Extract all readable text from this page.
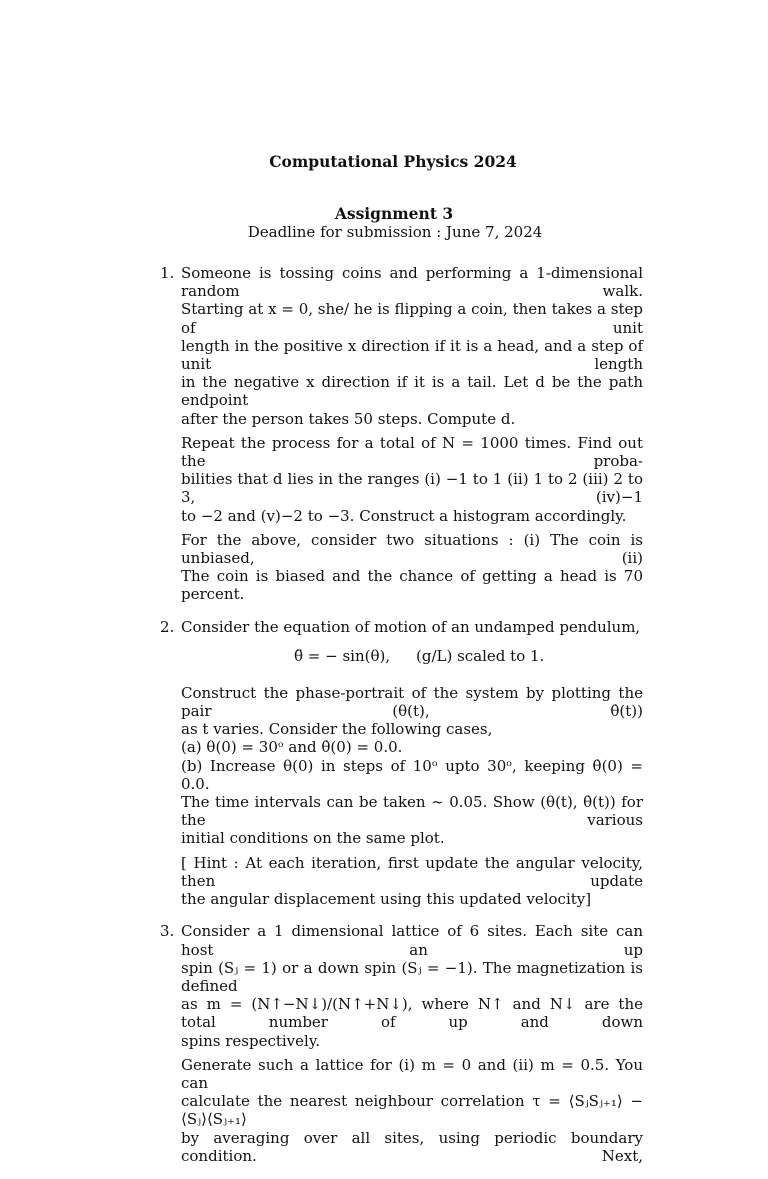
Computational Physics 2024
Assignment 3
Deadline for submission : June 7, 2024
1. Someone is tossing coins and performing a 1-dimensional random walk.
Starting at x = 0, she/ he is flipping a coin, then takes a step of unit
length in the positive x direction if it is a head, and a step of unit length
in the negative x direction if it is a tail. Let d be the path endpoint
after the person takes 50 steps. Compute d.
Repeat the process for a total of N = 1000 times. Find out the proba-
bilities that d lies in the ranges (i) −1 to 1 (ii) 1 to 2 (iii) 2 to 3, (iv)−1
to −2 and (v)−2 to −3. Construct a histogram accordingly.
For the above, consider two situations : (i) The coin is unbiased, (ii)
The coin is biased and the chance of getting a head is 70 percent.
2. Consider the equation of motion of an undamped pendulum,
θ̈ = − sin(θ), (g/L) scaled to 1.
Construct the phase-portrait of the system by plotting the pair (θ(t), θ̇(t))
as t varies. Consider the following cases,
(a) θ(0) = 30ᵒ and θ̇(0) = 0.0.
(b) Increase θ(0) in steps of 10ᵒ upto 30ᵒ, keeping θ̇(0) = 0.0.
The time intervals can be taken ∼ 0.05. Show (θ(t), θ̇(t)) for the various
initial conditions on the same plot.
[ Hint : At each iteration, first update the angular velocity, then update
the angular displacement using this updated velocity]
3. Consider a 1 dimensional lattice of 6 sites. Each site can host an up
spin (Sⱼ = 1) or a down spin (Sⱼ = −1). The magnetization is defined
as m = (N↑−N↓)/(N↑+N↓), where N↑ and N↓ are the total number of up and down
spins respectively.
Generate such a lattice for (i) m = 0 and (ii) m = 0.5. You can
calculate the nearest neighbour correlation τ = ⟨SⱼSⱼ₊₁⟩ − ⟨Sⱼ⟩⟨Sⱼ₊₁⟩
by averaging over all sites, using periodic boundary condition. Next,
